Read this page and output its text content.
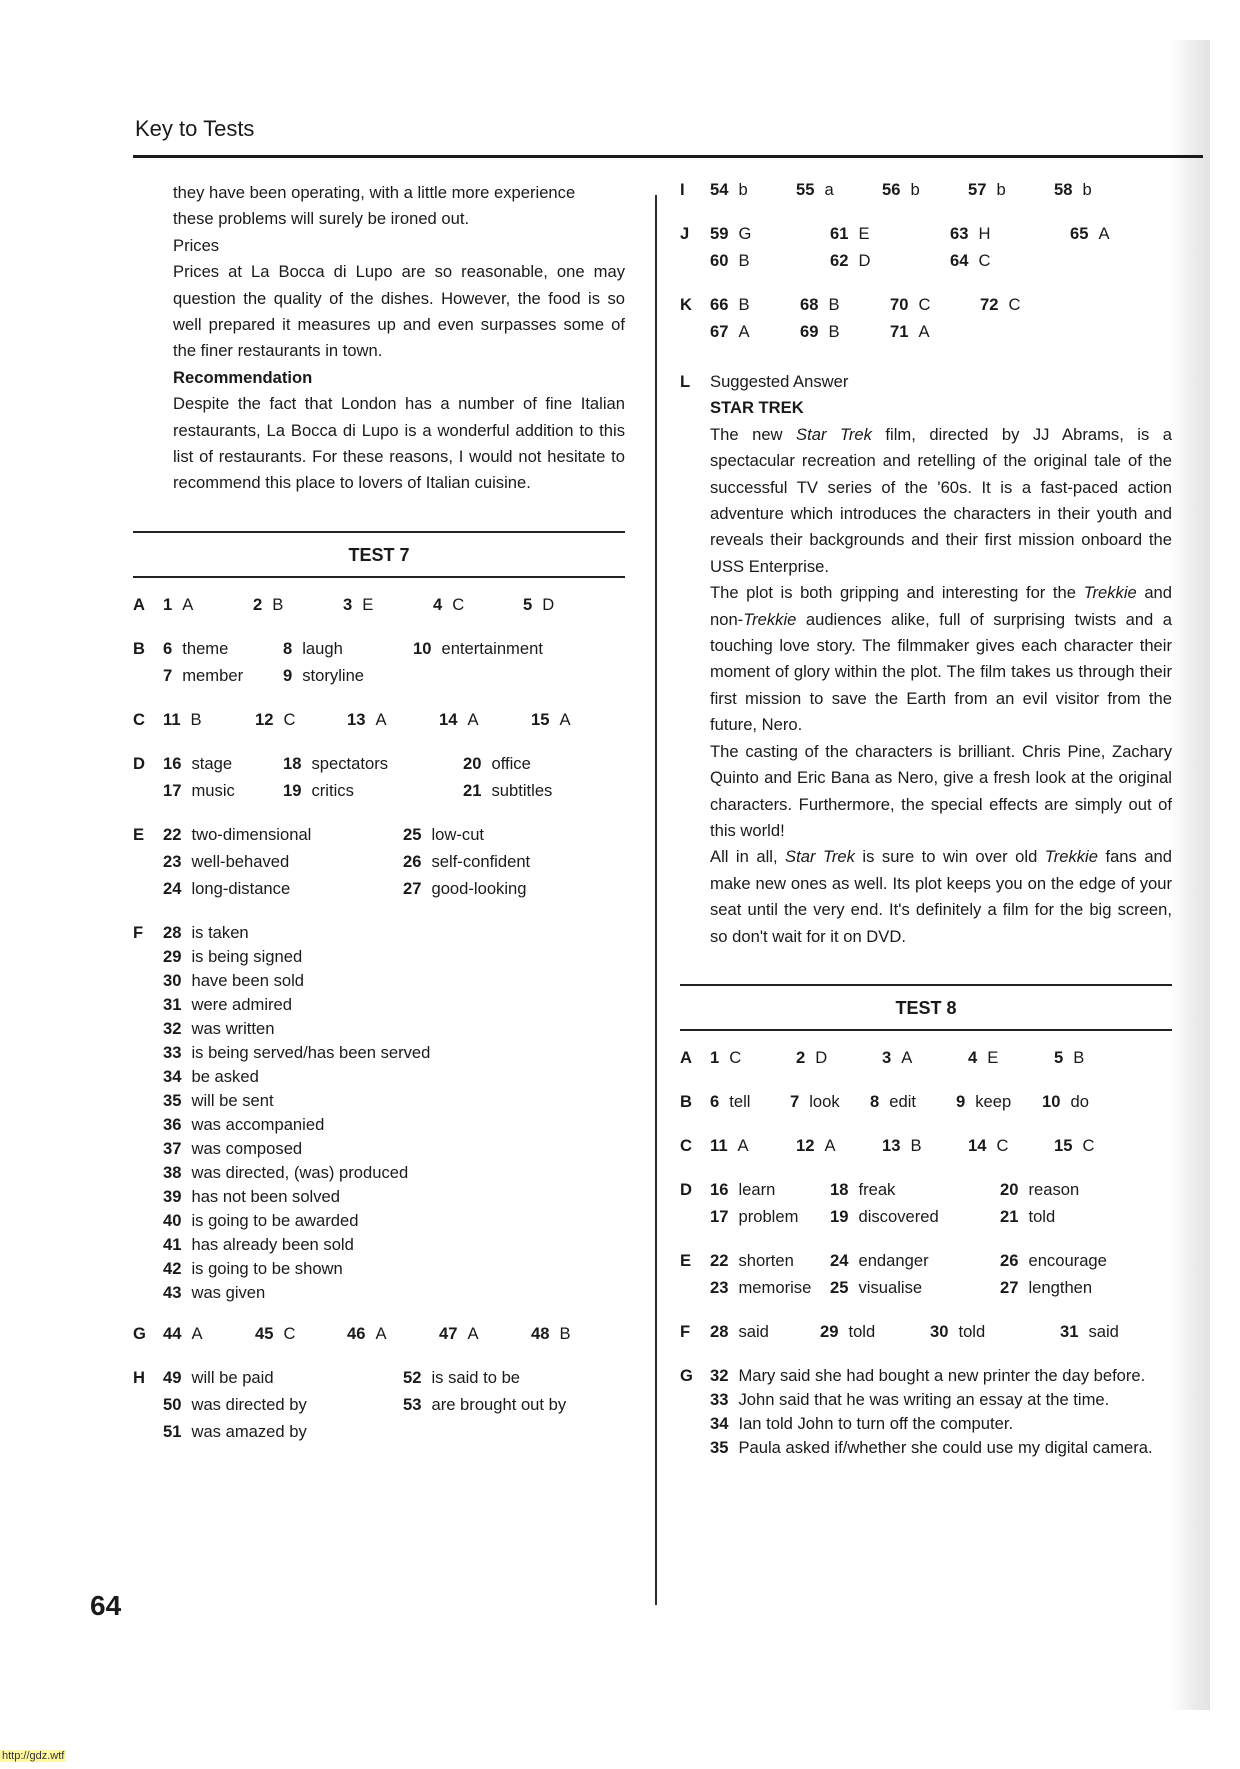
Key to Tests

they have been operating, with a little more experience

these problems will surely be ironed out.

Prices

Prices at La Bocca di Lupo are so reasonable, one may question the quality of the dishes. However, the food is so well prepared it measures up and even surpasses some of the finer restaurants in town.

Recommendation

Despite the fact that London has a number of fine Italian restaurants, La Bocca di Lupo is a wonderful addition to this list of restaurants. For these reasons, I would not hesitate to recommend this place to lovers of Italian cuisine.

TEST 7
A	1 A	2 B	3 E	4 C	5 D
B	6 theme	8 laugh	10 entertainment
7 member 9 storyline
C	11 B	12 C	13 A	14 A	15 A
D	16 stage	18 spectators	20 office
17 music	19 critics	21 subtitles
E	22 two-dimensional	25 low-cut
23 well-behaved	26 self-confident
24 long-distance	27 good-looking
F	28 is taken
29 is being signed
30 have been sold
31 were admired
32 was written
33 is being served/has been served
34 be asked
35 will be sent
36 was accompanied
37 was composed
38 was directed, (was) produced
39 has not been solved
40 is going to be awarded
41 has already been sold
42 is going to be shown
43 was given
G	44 A	45 C	46 A	47 A	48 B
H	49 will be paid	52 is said to be
50 was directed by	53 are brought out by
51 was amazed by
I	54 b	55 a	56 b	57 b	58 b
J	59 G	61 E	63 H	65 A
60 B	62 D	64 C
K	66 B	68 B	70 C	72 C
67 A	69 B	71 A
L	Suggested Answer

STAR TREK

The new Star Trek film, directed by JJ Abrams, is a spectacular recreation and retelling of the original tale of the successful TV series of the '60s. It is a fast-paced action adventure which introduces the characters in their youth and reveals their backgrounds and their first mission onboard the USS Enterprise.

The plot is both gripping and interesting for the Trekkie and non-Trekkie audiences alike, full of surprising twists and a touching love story. The filmmaker gives each character their moment of glory within the plot. The film takes us through their first mission to save the Earth from an evil visitor from the future, Nero.

The casting of the characters is brilliant. Chris Pine, Zachary Quinto and Eric Bana as Nero, give a fresh look at the original characters. Furthermore, the special effects are simply out of this world!

All in all, Star Trek is sure to win over old Trekkie fans and make new ones as well. Its plot keeps you on the edge of your seat until the very end. It's definitely a film for the big screen, so don't wait for it on DVD.

TEST 8
A	1 C	2 D	3 A	4 E	5 B
B	6 tell 7 look 8 edit 9 keep 10 do
C	11 A	12 A	13 B	14 C	15 C
D	16 learn	18 freak	20 reason
17 problem 19 discovered	21 told
E	22 shorten 24 endanger	26 encourage
23 memorise 25 visualise	27 lengthen
F	28 said	29 told	30 told	31 said
G	32 Mary said she had bought a new printer the day before.
33 John said that he was writing an essay at the time.
34 Ian told John to turn off the computer.
35 Paula asked if/whether she could use my digital camera.
64
http://gdz.wtf
